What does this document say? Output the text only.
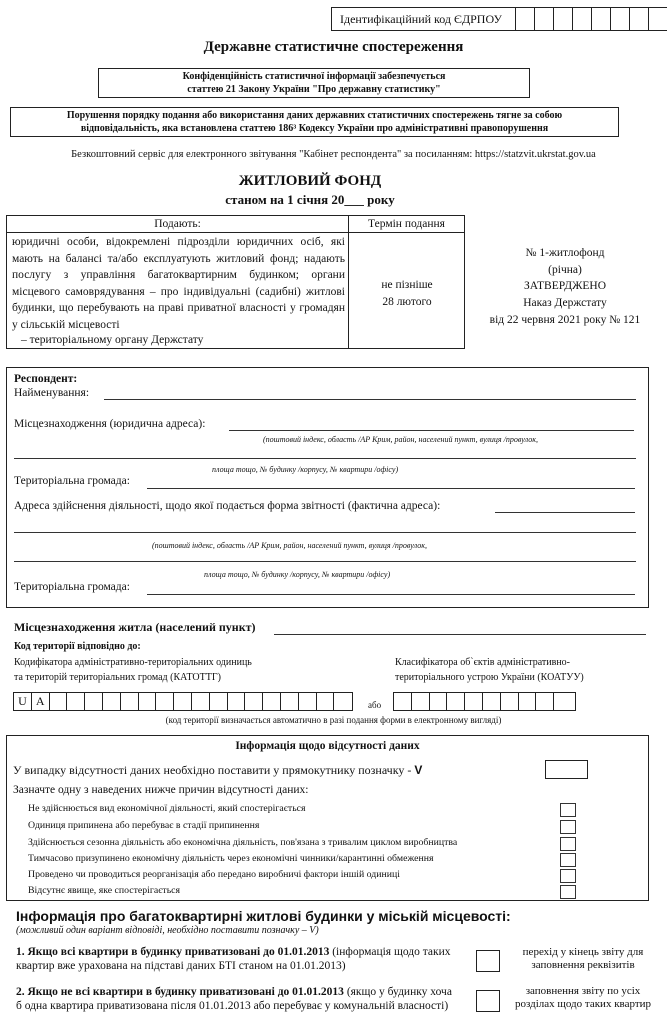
Ідентифікаційний код ЄДРПОУ
Державне статистичне спостереження
Конфіденційність статистичної інформації забезпечується
статтею 21 Закону України "Про державну статистику"
Порушення порядку подання або використання даних державних статистичних спостережень тягне за собою
відповідальність, яка встановлена статтею 186³ Кодексу України про адміністративні правопорушення
Безкоштовний сервіс для електронного звітування "Кабінет респондента" за посиланням: https://statzvit.ukrstat.gov.ua
ЖИТЛОВИЙ ФОНД
станом на 1 січня 20___ року
Подають:	Термін подання
юридичні особи, відокремлені підрозділи юридичних осіб, які мають на балансі та/або експлуатують житловий фонд; надають послугу з управління багатоквартирним будинком; органи місцевого самоврядування – про індивідуальні (садибні) житлові будинки, що перебувають на праві приватної власності у громадян у сільській місцевості
– територіальному органу Держстату
не пізніше
28 лютого
№ 1-житлофонд
(річна)
ЗАТВЕРДЖЕНО
Наказ Держстату
від 22 червня 2021 року № 121
Респондент:
Найменування:
Місцезнаходження (юридична адреса):
(поштовий індекс, область /АР Крим, район, населений пункт, вулиця /провулок,
площа тощо, № будинку /корпусу, № квартири /офісу)
Територіальна громада:
Адреса здійснення діяльності, щодо якої подається форма звітності (фактична адреса):
(поштовий індекс, область /АР Крим, район, населений пункт, вулиця /провулок,
площа тощо, № будинку /корпусу, № квартири /офісу)
Територіальна громада:
Місцезнаходження житла (населений пункт)
Код території відповідно до:
Кодифікатора адміністративно-територіальних одиниць
та територій територіальних громад (КАТОТТГ)
Класифікатора об`єктів адміністративно-
територіального устрою України (КОАТУУ)
U A	або
(код території визначається автоматично в разі подання форми в електронному вигляді)
Інформація щодо відсутності даних
У випадку відсутності даних необхідно поставити у прямокутнику позначку - V
Зазначте одну з наведених нижче причин відсутності даних:
Не здійснюється вид економічної діяльності, який спостерігається
Одиниця припинена або перебуває в стадії припинення
Здійснюється сезонна діяльність або економічна діяльність, пов'язана з тривалим циклом виробництва
Тимчасово призупинено економічну діяльність через економічні чинники/карантинні обмеження
Проведено чи проводиться реорганізація або передано виробничі фактори іншій одиниці
Відсутнє явище, яке спостерігається
Інформація про багатоквартирні житлові будинки у міській місцевості:
(можливий один варіант відповіді, необхідно поставити позначку – V)
1. Якщо всі квартири в будинку приватизовані до 01.01.2013 (інформація щодо таких квартир вже урахована на підставі даних БТІ станом на 01.01.2013)
перехід у кінець звіту для заповнення реквізитів
2. Якщо не всі квартири в будинку приватизовані до 01.01.2013 (якщо у будинку хоча б одна квартира приватизована після 01.01.2013 або перебуває у комунальній власності)
заповнення звіту по усіх розділах щодо таких квартир
